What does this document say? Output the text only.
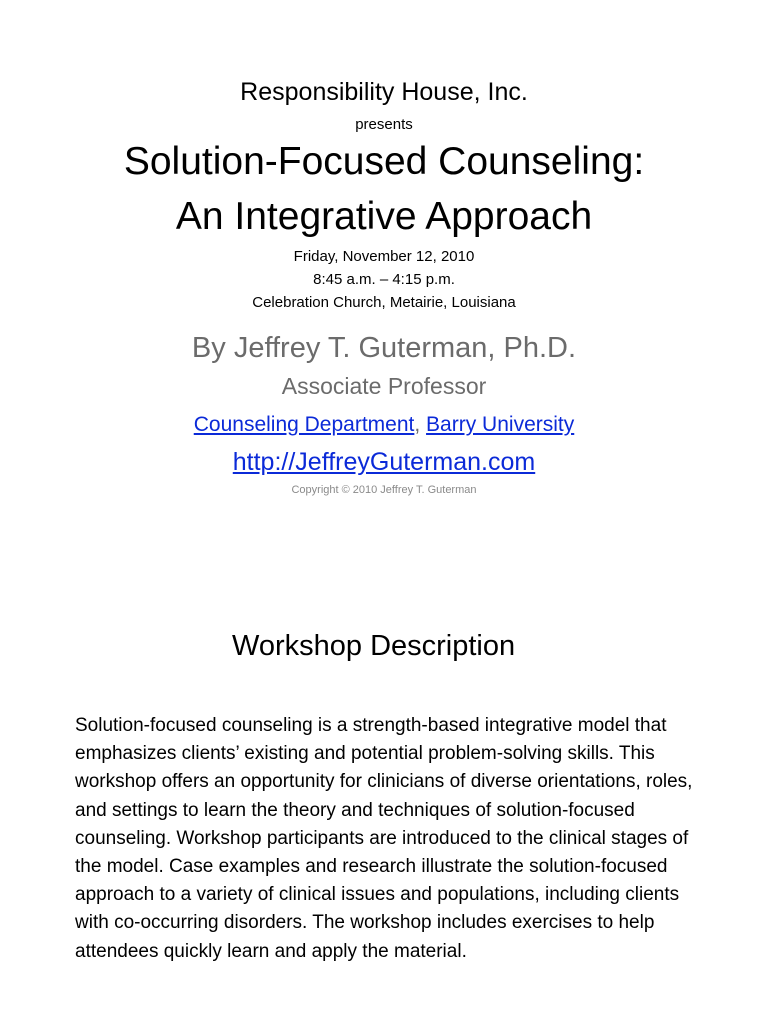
Responsibility House, Inc.
presents
Solution-Focused Counseling:
An Integrative Approach
Friday, November 12, 2010
8:45 a.m. – 4:15 p.m.
Celebration Church, Metairie, Louisiana
By Jeffrey T. Guterman, Ph.D.
Associate Professor
Counseling Department, Barry University
http://JeffreyGuterman.com
Copyright © 2010 Jeffrey T. Guterman
Workshop Description
Solution-focused counseling is a strength-based integrative model that emphasizes clients’ existing and potential problem-solving skills. This workshop offers an opportunity for clinicians of diverse orientations, roles, and settings to learn the theory and techniques of solution-focused counseling. Workshop participants are introduced to the clinical stages of the model. Case examples and research illustrate the solution-focused approach to a variety of clinical issues and populations, including clients with co-occurring disorders. The workshop includes exercises to help attendees quickly learn and apply the material.
